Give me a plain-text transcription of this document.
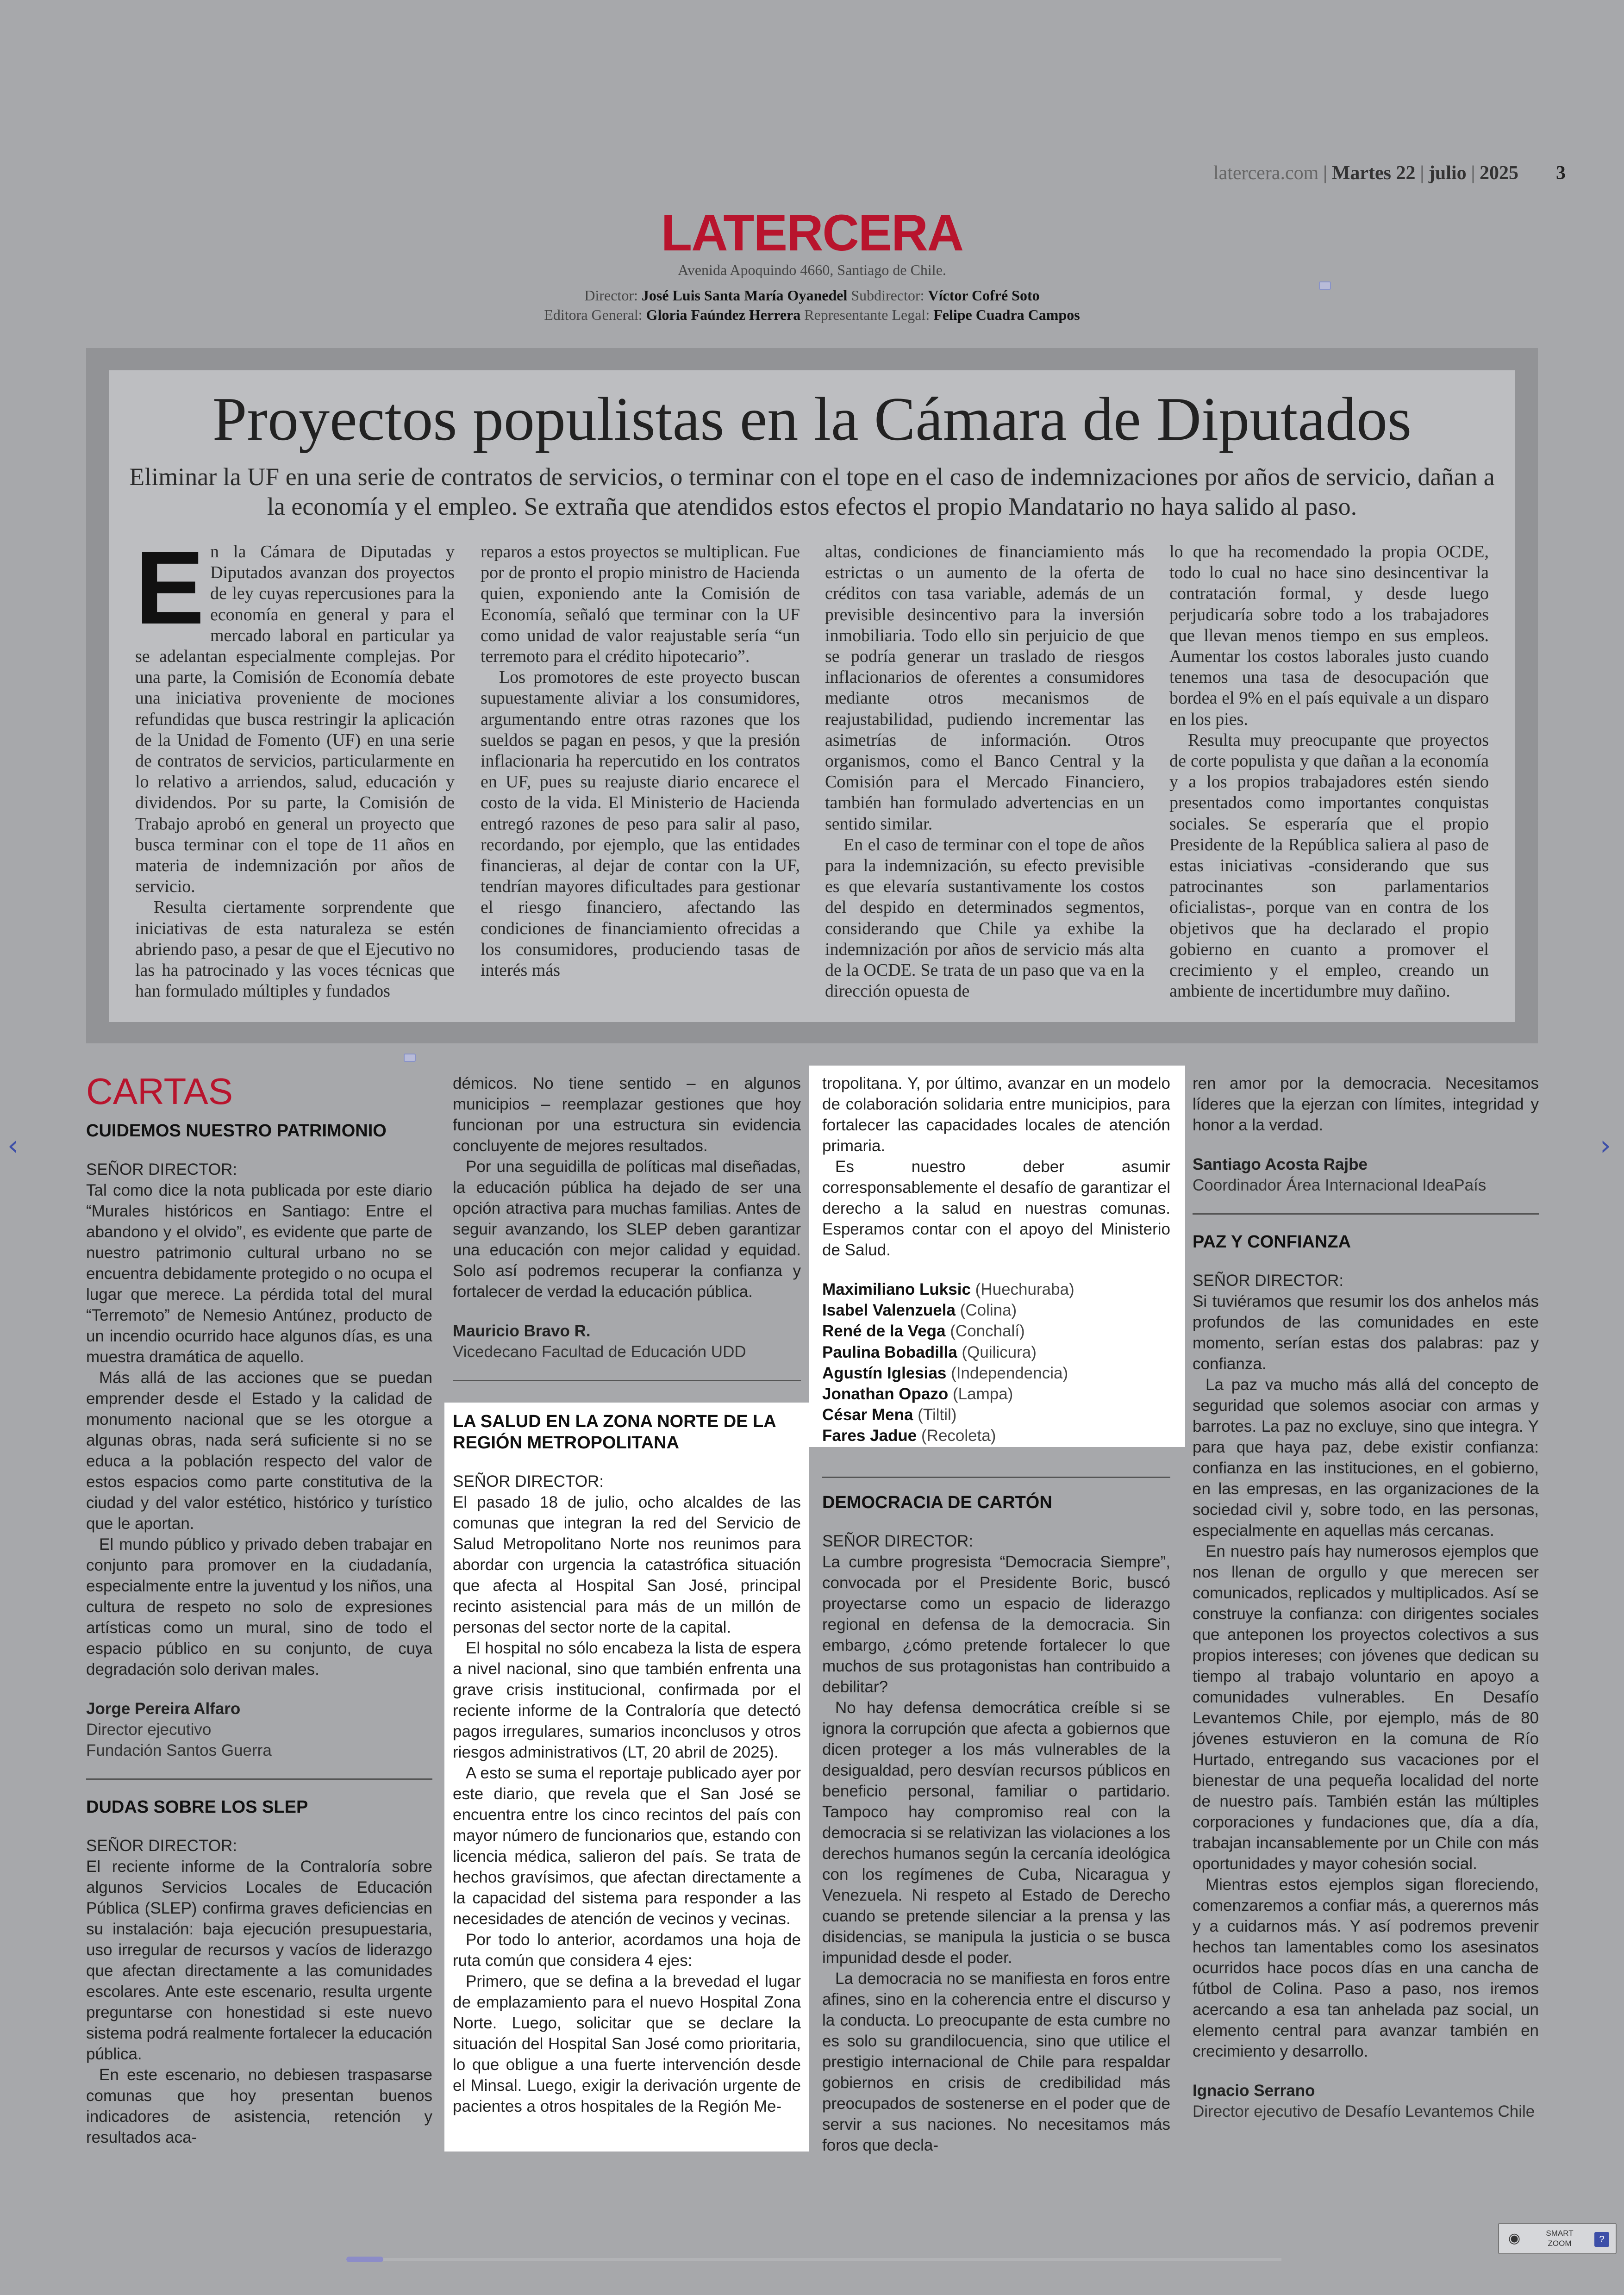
latercera.com | Martes 22 | julio | 2025 3
LATERCERA
Avenida Apoquindo 4660, Santiago de Chile.
Director: José Luis Santa María Oyanedel Subdirector: Víctor Cofré Soto
Editora General: Gloria Faúndez Herrera Representante Legal: Felipe Cuadra Campos
Proyectos populistas en la Cámara de Diputados
Eliminar la UF en una serie de contratos de servicios, o terminar con el tope en el caso de indemnizaciones por años de servicio, dañan a la economía y el empleo. Se extraña que atendidos estos efectos el propio Mandatario no haya salido al paso.
E n la Cámara de Diputadas y Diputados avanzan dos proyectos de ley cuyas repercusiones para la economía en general y para el mercado laboral en particular ya se adelantan especialmente complejas. Por una parte, la Comisión de Economía debate una iniciativa proveniente de mociones refundidas que busca restringir la aplicación de la Unidad de Fomento (UF) en una serie de contratos de servicios, particularmente en lo relativo a arriendos, salud, educación y dividendos. Por su parte, la Comisión de Trabajo aprobó en general un proyecto que busca terminar con el tope de 11 años en materia de indemnización por años de servicio.

Resulta ciertamente sorprendente que iniciativas de esta naturaleza se estén abriendo paso, a pesar de que el Ejecutivo no las ha patrocinado y las voces técnicas que han formulado múltiples y fundados

reparos a estos proyectos se multiplican. Fue por de pronto el propio ministro de Hacienda quien, exponiendo ante la Comisión de Economía, señaló que terminar con la UF como unidad de valor reajustable sería “un terremoto para el crédito hipotecario”.

Los promotores de este proyecto buscan supuestamente aliviar a los consumidores, argumentando entre otras razones que los sueldos se pagan en pesos, y que la presión inflacionaria ha repercutido en los contratos en UF, pues su reajuste diario encarece el costo de la vida. El Ministerio de Hacienda entregó razones de peso para salir al paso, recordando, por ejemplo, que las entidades financieras, al dejar de contar con la UF, tendrían mayores dificultades para gestionar el riesgo financiero, afectando las condiciones de financiamiento ofrecidas a los consumidores, produciendo tasas de interés más

altas, condiciones de financiamiento más estrictas o un aumento de la oferta de créditos con tasa variable, además de un previsible desincentivo para la inversión inmobiliaria. Todo ello sin perjuicio de que se podría generar un traslado de riesgos inflacionarios de oferentes a consumidores mediante otros mecanismos de reajustabilidad, pudiendo incrementar las asimetrías de información. Otros organismos, como el Banco Central y la Comisión para el Mercado Financiero, también han formulado advertencias en un sentido similar.

En el caso de terminar con el tope de años para la indemnización, su efecto previsible es que elevaría sustantivamente los costos del despido en determinados segmentos, considerando que Chile ya exhibe la indemnización por años de servicio más alta de la OCDE. Se trata de un paso que va en la dirección opuesta de

lo que ha recomendado la propia OCDE, todo lo cual no hace sino desincentivar la contratación formal, y desde luego perjudicaría sobre todo a los trabajadores que llevan menos tiempo en sus empleos. Aumentar los costos laborales justo cuando tenemos una tasa de desocupación que bordea el 9% en el país equivale a un disparo en los pies.

Resulta muy preocupante que proyectos de corte populista y que dañan a la economía y a los propios trabajadores estén siendo presentados como importantes conquistas sociales. Se esperaría que el propio Presidente de la República saliera al paso de estas iniciativas -considerando que sus patrocinantes son parlamentarios oficialistas-, porque van en contra de los objetivos que ha declarado el propio gobierno en cuanto a promover el crecimiento y el empleo, creando un ambiente de incertidumbre muy dañino.

CARTAS
CUIDEMOS NUESTRO PATRIMONIO

SEÑOR DIRECTOR:

Tal como dice la nota publicada por este diario “Murales históricos en Santiago: Entre el abandono y el olvido”, es evidente que parte de nuestro patrimonio cultural urbano no se encuentra debidamente protegido o no ocupa el lugar que merece. La pérdida total del mural “Terremoto” de Nemesio Antúnez, producto de un incendio ocurrido hace algunos días, es una muestra dramática de aquello.

Más allá de las acciones que se puedan emprender desde el Estado y la calidad de monumento nacional que se les otorgue a algunas obras, nada será suficiente si no se educa a la población respecto del valor de estos espacios como parte constitutiva de la ciudad y del valor estético, histórico y turístico que le aportan.

El mundo público y privado deben trabajar en conjunto para promover en la ciudadanía, especialmente entre la juventud y los niños, una cultura de respeto no solo de expresiones artísticas como un mural, sino de todo el espacio público en su conjunto, de cuya degradación solo derivan males.

Jorge Pereira Alfaro
Director ejecutivo
Fundación Santos Guerra
DUDAS SOBRE LOS SLEP

SEÑOR DIRECTOR:

El reciente informe de la Contraloría sobre algunos Servicios Locales de Educación Pública (SLEP) confirma graves deficiencias en su instalación: baja ejecución presupuestaria, uso irregular de recursos y vacíos de liderazgo que afectan directamente a las comunidades escolares. Ante este escenario, resulta urgente preguntarse con honestidad si este nuevo sistema podrá realmente fortalecer la educación pública.

En este escenario, no debiesen traspasarse comunas que hoy presentan buenos indicadores de asistencia, retención y resultados aca-

démicos. No tiene sentido – en algunos municipios – reemplazar gestiones que hoy funcionan por una estructura sin evidencia concluyente de mejores resultados.

Por una seguidilla de políticas mal diseñadas, la educación pública ha dejado de ser una opción atractiva para muchas familias. Antes de seguir avanzando, los SLEP deben garantizar una educación con mejor calidad y equidad. Solo así podremos recuperar la confianza y fortalecer de verdad la educación pública.

Mauricio Bravo R.
Vicedecano Facultad de Educación UDD
LA SALUD EN LA ZONA NORTE DE LA REGIÓN METROPOLITANA

SEÑOR DIRECTOR:

El pasado 18 de julio, ocho alcaldes de las comunas que integran la red del Servicio de Salud Metropolitano Norte nos reunimos para abordar con urgencia la catastrófica situación que afecta al Hospital San José, principal recinto asistencial para más de un millón de personas del sector norte de la capital.

El hospital no sólo encabeza la lista de espera a nivel nacional, sino que también enfrenta una grave crisis institucional, confirmada por el reciente informe de la Contraloría que detectó pagos irregulares, sumarios inconclusos y otros riesgos administrativos (LT, 20 abril de 2025).

A esto se suma el reportaje publicado ayer por este diario, que revela que el San José se encuentra entre los cinco recintos del país con mayor número de funcionarios que, estando con licencia médica, salieron del país. Se trata de hechos gravísimos, que afectan directamente a la capacidad del sistema para responder a las necesidades de atención de vecinos y vecinas.

Por todo lo anterior, acordamos una hoja de ruta común que considera 4 ejes:

Primero, que se defina a la brevedad el lugar de emplazamiento para el nuevo Hospital Zona Norte. Luego, solicitar que se declare la situación del Hospital San José como prioritaria, lo que obligue a una fuerte intervención desde el Minsal. Luego, exigir la derivación urgente de pacientes a otros hospitales de la Región Me-

tropolitana. Y, por último, avanzar en un modelo de colaboración solidaria entre municipios, para fortalecer las capacidades locales de atención primaria.

Es nuestro deber asumir corresponsablemente el desafío de garantizar el derecho a la salud en nuestras comunas. Esperamos contar con el apoyo del Ministerio de Salud.

Maximiliano Luksic (Huechuraba)
Isabel Valenzuela (Colina)
René de la Vega (Conchalí)
Paulina Bobadilla (Quilicura)
Agustín Iglesias (Independencia)
Jonathan Opazo (Lampa)
César Mena (Tiltil)
Fares Jadue (Recoleta)
DEMOCRACIA DE CARTÓN

SEÑOR DIRECTOR:

La cumbre progresista “Democracia Siempre”, convocada por el Presidente Boric, buscó proyectarse como un espacio de liderazgo regional en defensa de la democracia. Sin embargo, ¿cómo pretende fortalecer lo que muchos de sus protagonistas han contribuido a debilitar?

No hay defensa democrática creíble si se ignora la corrupción que afecta a gobiernos que dicen proteger a los más vulnerables de la desigualdad, pero desvían recursos públicos en beneficio personal, familiar o partidario. Tampoco hay compromiso real con la democracia si se relativizan las violaciones a los derechos humanos según la cercanía ideológica con los regímenes de Cuba, Nicaragua y Venezuela. Ni respeto al Estado de Derecho cuando se pretende silenciar a la prensa y las disidencias, se manipula la justicia o se busca impunidad desde el poder.

La democracia no se manifiesta en foros entre afines, sino en la coherencia entre el discurso y la conducta. Lo preocupante de esta cumbre no es solo su grandilocuencia, sino que utilice el prestigio internacional de Chile para respaldar gobiernos en crisis de credibilidad más preocupados de sostenerse en el poder que de servir a sus naciones. No necesitamos más foros que decla-

ren amor por la democracia. Necesitamos líderes que la ejerzan con límites, integridad y honor a la verdad.

Santiago Acosta Rajbe
Coordinador Área Internacional IdeaPaís
PAZ Y CONFIANZA

SEÑOR DIRECTOR:

Si tuviéramos que resumir los dos anhelos más profundos de las comunidades en este momento, serían estas dos palabras: paz y confianza.

La paz va mucho más allá del concepto de seguridad que solemos asociar con armas y barrotes. La paz no excluye, sino que integra. Y para que haya paz, debe existir confianza: confianza en las instituciones, en el gobierno, en las empresas, en las organizaciones de la sociedad civil y, sobre todo, en las personas, especialmente en aquellas más cercanas.

En nuestro país hay numerosos ejemplos que nos llenan de orgullo y que merecen ser comunicados, replicados y multiplicados. Así se construye la confianza: con dirigentes sociales que anteponen los proyectos colectivos a sus propios intereses; con jóvenes que dedican su tiempo al trabajo voluntario en apoyo a comunidades vulnerables. En Desafío Levantemos Chile, por ejemplo, más de 80 jóvenes estuvieron en la comuna de Río Hurtado, entregando sus vacaciones por el bienestar de una pequeña localidad del norte de nuestro país. También están las múltiples corporaciones y fundaciones que, día a día, trabajan incansablemente por un Chile con más oportunidades y mayor cohesión social.

Mientras estos ejemplos sigan floreciendo, comenzaremos a confiar más, a querernos más y a cuidarnos más. Y así podremos prevenir hechos tan lamentables como los asesinatos ocurridos hace pocos días en una cancha de fútbol de Colina. Paso a paso, nos iremos acercando a esa tan anhelada paz social, un elemento central para avanzar también en crecimiento y desarrollo.

Ignacio Serrano
Director ejecutivo de Desafío Levantemos Chile
‹	›
◉	SMART ZOOM	?
